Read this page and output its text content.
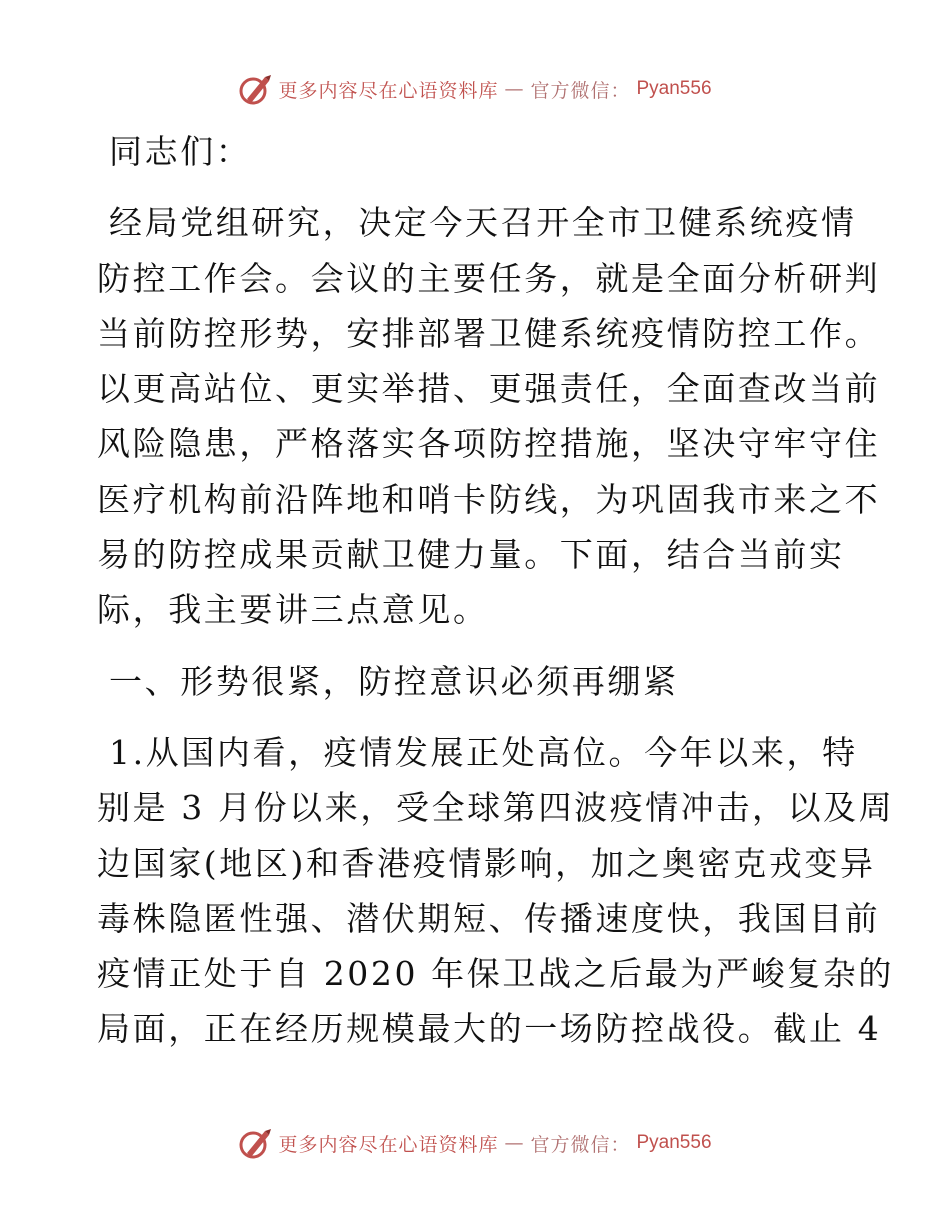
更多内容尽在心语资料库 — 官方微信： Pyan556
同志们：
经局党组研究，决定今天召开全市卫健系统疫情
防控工作会。会议的主要任务，就是全面分析研判
当前防控形势，安排部署卫健系统疫情防控工作。
以更高站位、更实举措、更强责任，全面查改当前
风险隐患，严格落实各项防控措施，坚决守牢守住
医疗机构前沿阵地和哨卡防线，为巩固我市来之不
易的防控成果贡献卫健力量。下面，结合当前实
际，我主要讲三点意见。
一、形势很紧，防控意识必须再绷紧
1.从国内看，疫情发展正处高位。今年以来，特
别是 3 月份以来，受全球第四波疫情冲击，以及周
边国家(地区)和香港疫情影响，加之奥密克戎变异
毒株隐匿性强、潜伏期短、传播速度快，我国目前
疫情正处于自 2020 年保卫战之后最为严峻复杂的
局面，正在经历规模最大的一场防控战役。截止 4
更多内容尽在心语资料库 — 官方微信： Pyan556
